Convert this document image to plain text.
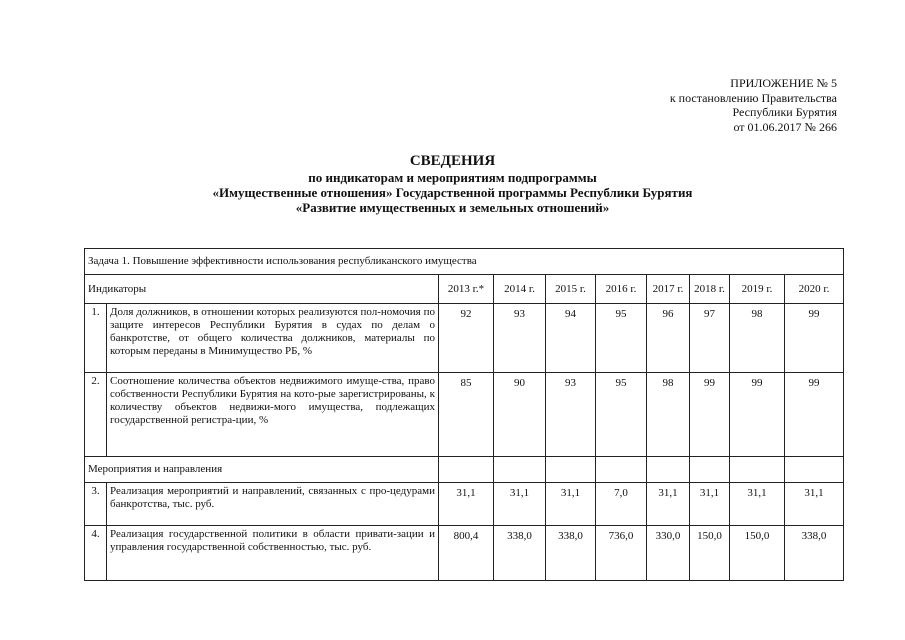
ПРИЛОЖЕНИЕ № 5
к постановлению Правительства
Республики Бурятия
от 01.06.2017 № 266
СВЕДЕНИЯ
по индикаторам и мероприятиям подпрограммы
«Имущественные отношения» Государственной программы Республики Бурятия
«Развитие имущественных и земельных отношений»
Задача 1. Повышение эффективности использования республиканского имущества									
Индикаторы		2013 г.*	2014 г.	2015 г.	2016 г.	2017 г.	2018 г.	2019 г.	2020 г.
1.	Доля должников, в отношении которых реализуются пол-номочия по защите интересов Республики Бурятия в судах по делам о банкротстве, от общего количества должников, материалы по которым переданы в Минимущество РБ, %	92	93	94	95	96	97	98	99
2.	Соотношение количества объектов недвижимого имуще-ства, право собственности Республики Бурятия на кото-рые зарегистрированы, к количеству объектов недвижи-мого имущества, подлежащих государственной регистра-ции, %	85	90	93	95	98	99	99	99
Мероприятия и направления									
3.	Реализация мероприятий и направлений, связанных с про-цедурами банкротства, тыс. руб.	31,1	31,1	31,1	7,0	31,1	31,1	31,1	31,1
4.	Реализация государственной политики в области привати-зации и управления государственной собственностью, тыс. руб.	800,4	338,0	338,0	736,0	330,0	150,0	150,0	338,0
